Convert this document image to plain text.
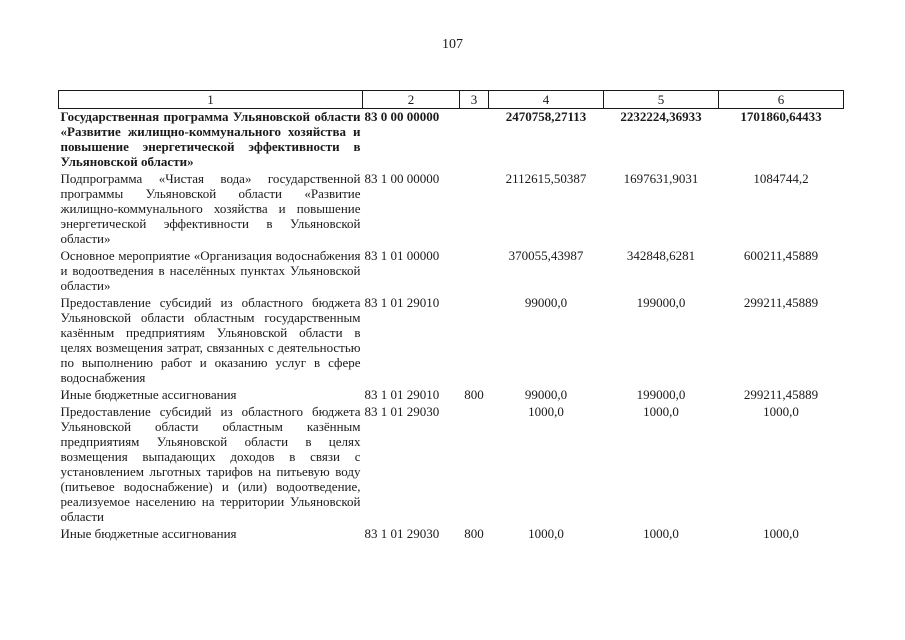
107
1	2	3	4	5	6
Государственная программа Ульяновской области «Развитие жилищно-коммунального хозяйства и повышение энергетической эффективности в Ульяновской области»	83 0 00 00000		2470758,27113	2232224,36933	1701860,64433
Подпрограмма «Чистая вода» государственной программы Ульяновской области «Развитие жилищно-коммунального хозяйства и повышение энергетической эффективности в Ульяновской области»	83 1 00 00000		2112615,50387	1697631,9031	1084744,2
Основное мероприятие «Организация водоснабжения и водоотведения в населённых пунктах Ульяновской области»	83 1 01 00000		370055,43987	342848,6281	600211,45889
Предоставление субсидий из областного бюджета Ульяновской области областным государственным казённым предприятиям Ульяновской области в целях возмещения затрат, связанных с деятельностью по выполнению работ и оказанию услуг в сфере водоснабжения	83 1 01 29010		99000,0	199000,0	299211,45889
Иные бюджетные ассигнования	83 1 01 29010	800	99000,0	199000,0	299211,45889
Предоставление субсидий из областного бюджета Ульяновской области областным казённым предприятиям Ульяновской области в целях возмещения выпадающих доходов в связи с установлением льготных тарифов на питьевую воду (питьевое водоснабжение) и (или) водоотведение, реализуемое населению на территории Ульяновской области	83 1 01 29030		1000,0	1000,0	1000,0
Иные бюджетные ассигнования	83 1 01 29030	800	1000,0	1000,0	1000,0
